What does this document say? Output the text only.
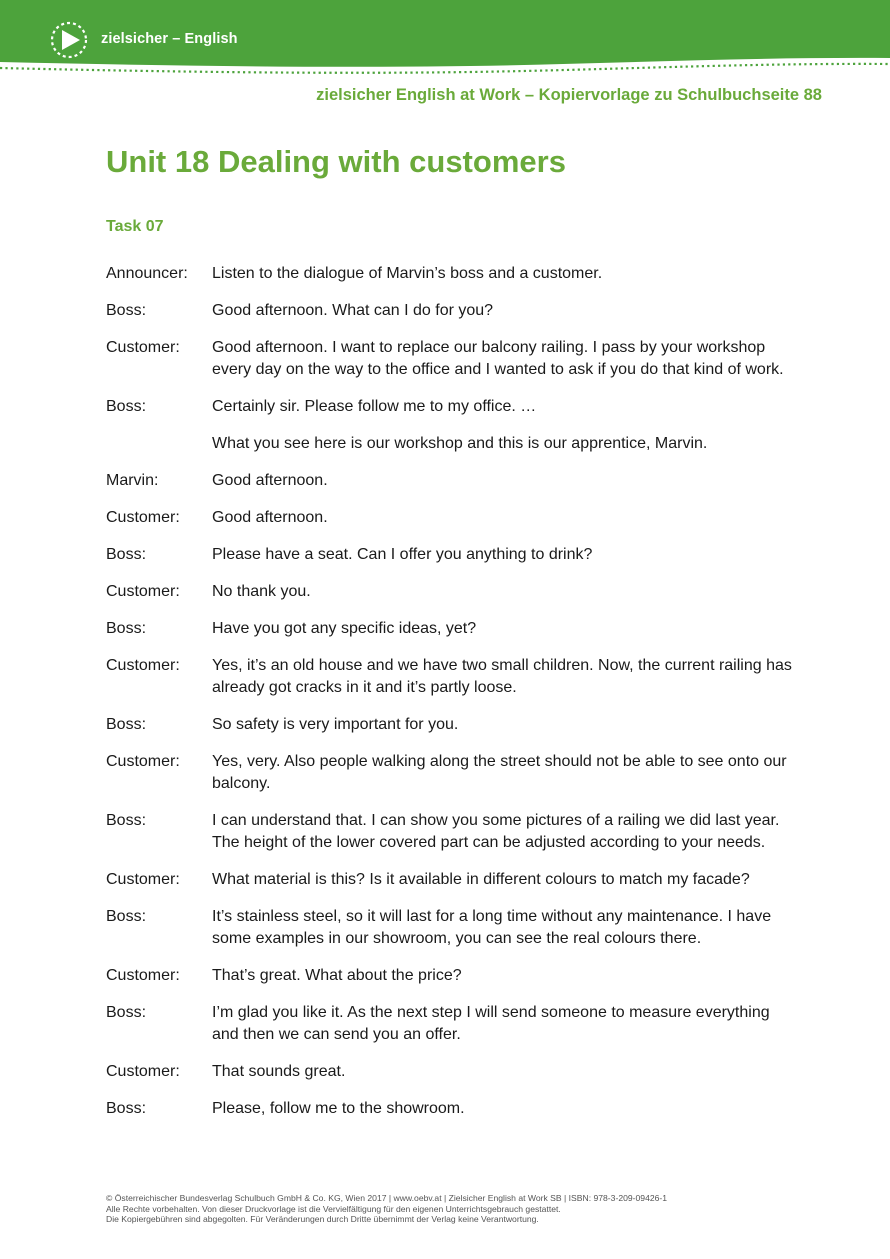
zielsicher – English
zielsicher English at Work – Kopiervorlage zu Schulbuchseite 88
Unit 18 Dealing with customers
Task 07
Announcer:	Listen to the dialogue of Marvin’s boss and a customer.
Boss:	Good afternoon. What can I do for you?
Customer:	Good afternoon. I want to replace our balcony railing. I pass by your workshop every day on the way to the office and I wanted to ask if you do that kind of work.
Boss:	Certainly sir. Please follow me to my office. …
What you see here is our workshop and this is our apprentice, Marvin.
Marvin:	Good afternoon.
Customer:	Good afternoon.
Boss:	Please have a seat. Can I offer you anything to drink?
Customer:	No thank you.
Boss:	Have you got any specific ideas, yet?
Customer:	Yes, it’s an old house and we have two small children. Now, the current railing has already got cracks in it and it’s partly loose.
Boss:	So safety is very important for you.
Customer:	Yes, very. Also people walking along the street should not be able to see onto our balcony.
Boss:	I can understand that. I can show you some pictures of a railing we did last year. The height of the lower covered part can be adjusted according to your needs.
Customer:	What material is this? Is it available in different colours to match my facade?
Boss:	It’s stainless steel, so it will last for a long time without any maintenance. I have some examples in our showroom, you can see the real colours there.
Customer:	That’s great. What about the price?
Boss:	I’m glad you like it. As the next step I will send someone to measure everything and then we can send you an offer.
Customer:	That sounds great.
Boss:	Please, follow me to the showroom.
© Österreichischer Bundesverlag Schulbuch GmbH & Co. KG, Wien 2017 | www.oebv.at | Zielsicher English at Work SB | ISBN: 978-3-209-09426-1
Alle Rechte vorbehalten. Von dieser Druckvorlage ist die Vervielfältigung für den eigenen Unterrichtsgebrauch gestattet.
Die Kopiergebühren sind abgegolten. Für Veränderungen durch Dritte übernimmt der Verlag keine Verantwortung.
